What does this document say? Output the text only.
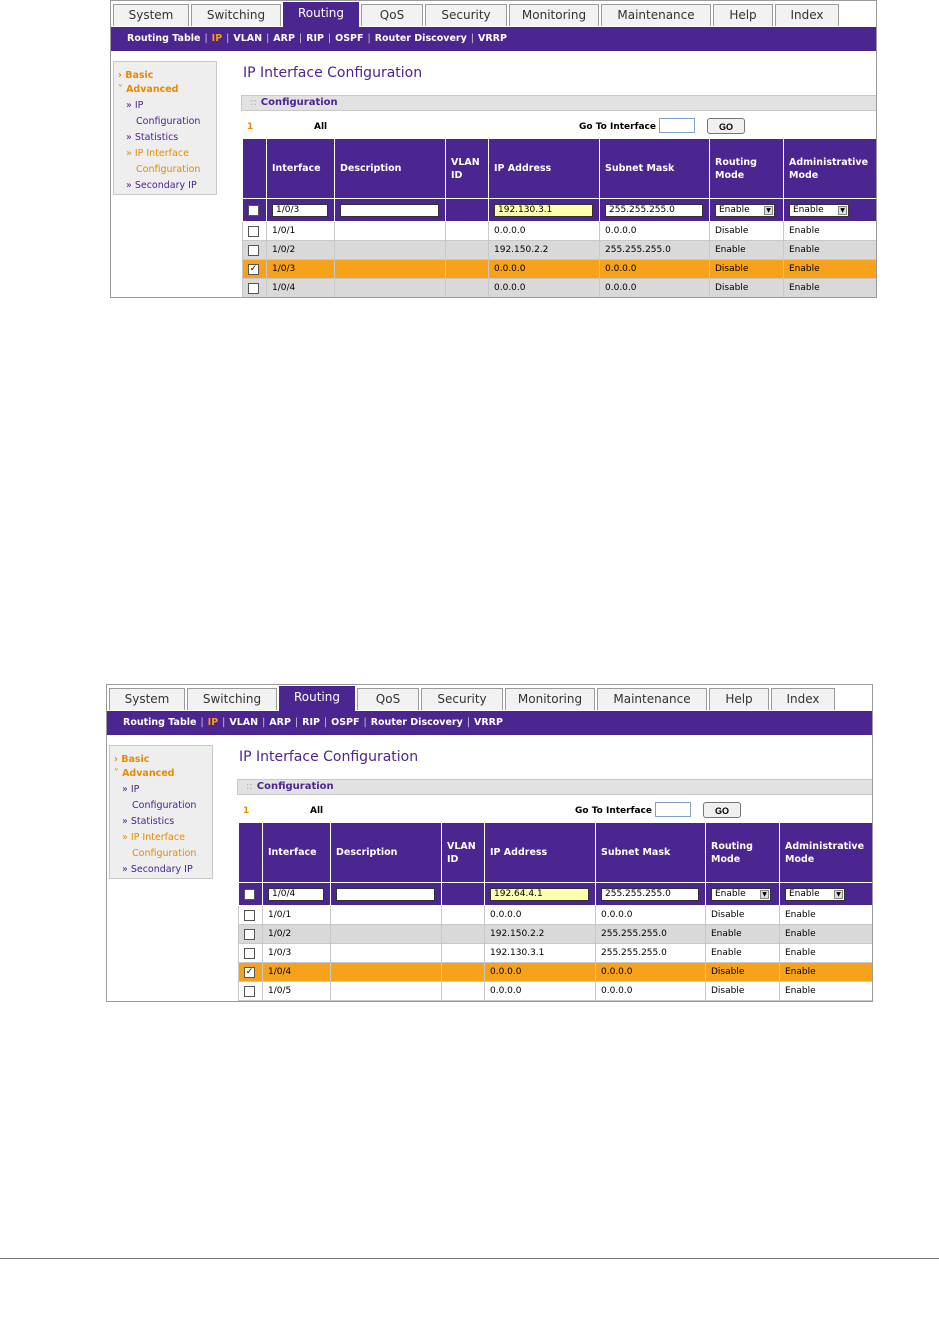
System	Switching	Routing	QoS	Security	Monitoring	Maintenance	Help	Index
Routing Table | IP | VLAN | ARP | RIP | OSPF | Router Discovery | VRRP
› Basic
˅ Advanced
» IP
Configuration
» Statistics
» IP Interface
Configuration
» Secondary IP
IP Interface Configuration
:: Configuration
1	All	Go To Interface	GO
	Interface	Description	VLAN ID	IP Address	Subnet Mask	Routing Mode	Administrative Mode
	1/0/3			192.130.3.1	255.255.255.0	Enable ▼	Enable ▼

	1/0/1			0.0.0.0	0.0.0.0	Disable	Enable
	1/0/2			192.150.2.2	255.255.255.0	Enable	Enable
✓	1/0/3			0.0.0.0	0.0.0.0	Disable	Enable
	1/0/4			0.0.0.0	0.0.0.0	Disable	Enable
System	Switching	Routing	QoS	Security	Monitoring	Maintenance	Help	Index
Routing Table | IP | VLAN | ARP | RIP | OSPF | Router Discovery | VRRP
› Basic
˅ Advanced
» IP
Configuration
» Statistics
» IP Interface
Configuration
» Secondary IP
IP Interface Configuration
:: Configuration
1	All	Go To Interface	GO
	Interface	Description	VLAN ID	IP Address	Subnet Mask	Routing Mode	Administrative Mode
	1/0/4			192.64.4.1	255.255.255.0	Enable ▼	Enable ▼

	1/0/1			0.0.0.0	0.0.0.0	Disable	Enable
	1/0/2			192.150.2.2	255.255.255.0	Enable	Enable
	1/0/3			192.130.3.1	255.255.255.0	Enable	Enable
✓	1/0/4			0.0.0.0	0.0.0.0	Disable	Enable
	1/0/5			0.0.0.0	0.0.0.0	Disable	Enable
